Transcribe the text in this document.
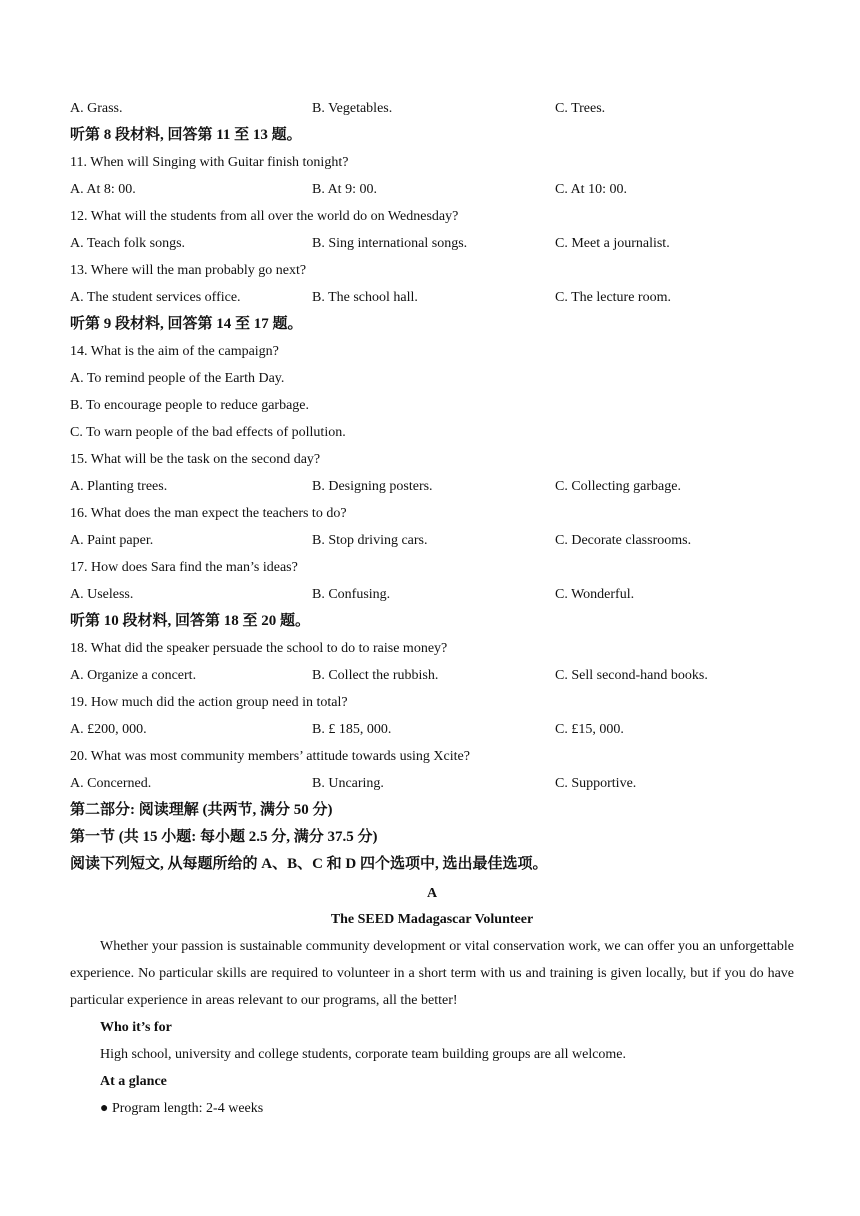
A. Grass.	B. Vegetables.	C. Trees.
听第 8 段材料, 回答第 11 至 13 题。
11. When will Singing with Guitar finish tonight?
A. At 8: 00.	B. At 9: 00.	C. At 10: 00.
12. What will the students from all over the world do on Wednesday?
A. Teach folk songs.	B. Sing international songs.	C. Meet a journalist.
13. Where will the man probably go next?
A. The student services office.	B. The school hall.	C. The lecture room.
听第 9 段材料, 回答第 14 至 17 题。
14. What is the aim of the campaign?
A. To remind people of the Earth Day.
B. To encourage people to reduce garbage.
C. To warn people of the bad effects of pollution.
15. What will be the task on the second day?
A. Planting trees.	B. Designing posters.	C. Collecting garbage.
16. What does the man expect the teachers to do?
A. Paint paper.	B. Stop driving cars.	C. Decorate classrooms.
17. How does Sara find the man’s ideas?
A. Useless.	B. Confusing.	C. Wonderful.
听第 10 段材料, 回答第 18 至 20 题。
18. What did the speaker persuade the school to do to raise money?
A. Organize a concert.	B. Collect the rubbish.	C. Sell second-hand books.
19. How much did the action group need in total?
A. £200, 000.	B. £ 185, 000.	C. £15, 000.
20. What was most community members’ attitude towards using Xcite?
A. Concerned.	B. Uncaring.	C. Supportive.
第二部分: 阅读理解 (共两节, 满分 50 分)
第一节 (共 15 小题: 每小题 2.5 分, 满分 37.5 分)
阅读下列短文, 从每题所给的 A、B、C 和 D 四个选项中, 选出最佳选项。
A
The SEED Madagascar Volunteer
Whether your passion is sustainable community development or vital conservation work, we can offer you an unforgettable experience. No particular skills are required to volunteer in a short term with us and training is given locally, but if you do have particular experience in areas relevant to our programs, all the better!
Who it’s for
High school, university and college students, corporate team building groups are all welcome.
At a glance
● Program length: 2-4 weeks
